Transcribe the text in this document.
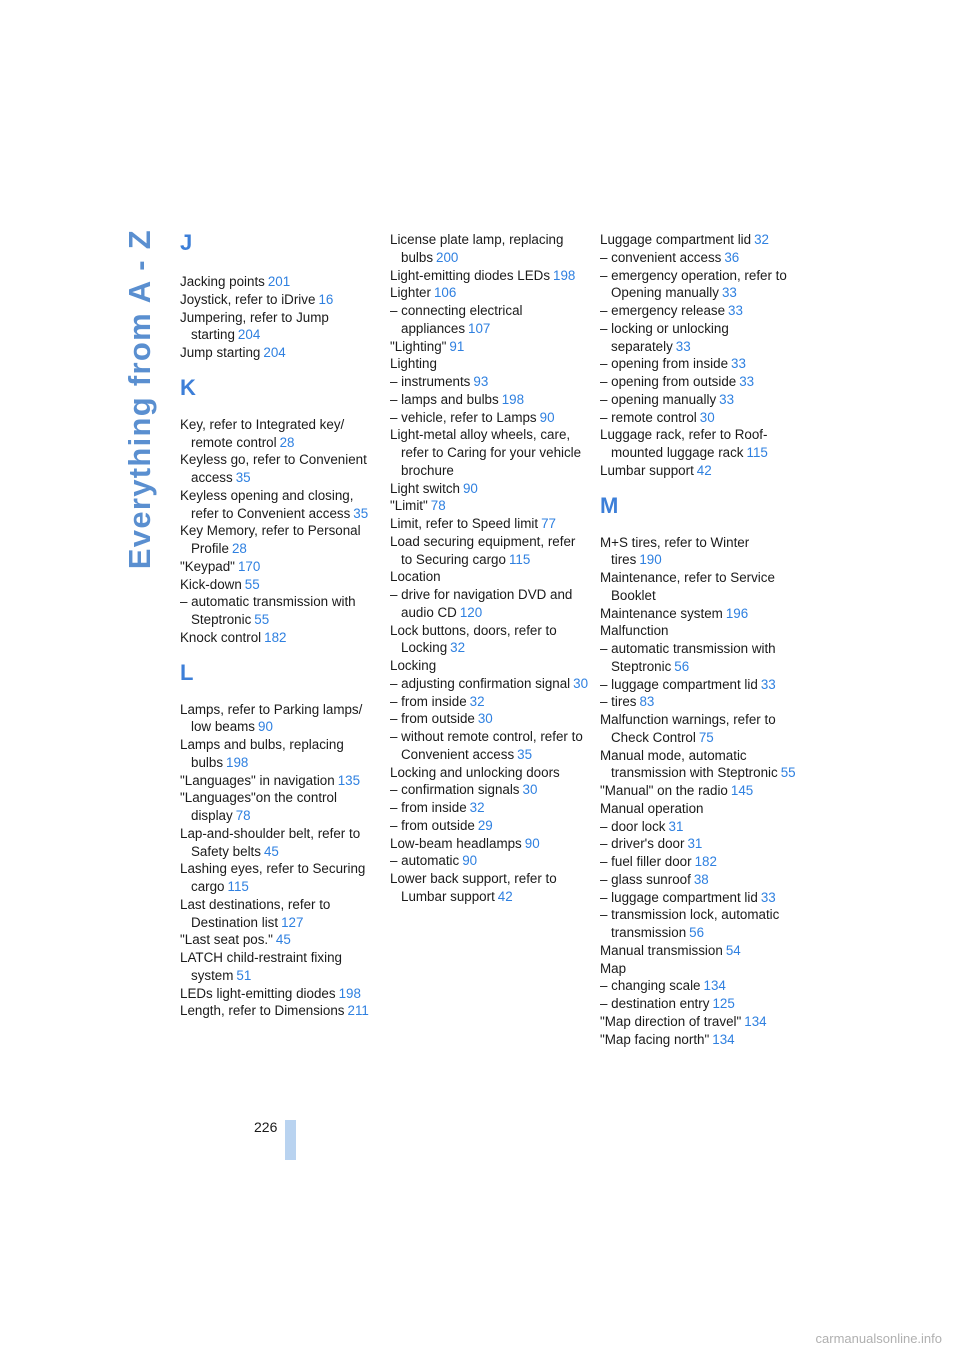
Everything from A - Z J
Jacking points 201
Joystick, refer to iDrive 16
Jumpering, refer to Jump starting 204
Jump starting 204
K
Key, refer to Integrated key/ remote control 28
Keyless go, refer to Convenient access 35
Keyless opening and closing, refer to Convenient access 35
Key Memory, refer to Personal Profile 28
"Keypad" 170
Kick-down 55
– automatic transmission with Steptronic 55
Knock control 182
L
Lamps, refer to Parking lamps/ low beams 90
Lamps and bulbs, replacing bulbs 198
"Languages" in navigation 135
"Languages"on the control display 78
Lap-and-shoulder belt, refer to Safety belts 45
Lashing eyes, refer to Securing cargo 115
Last destinations, refer to Destination list 127
"Last seat pos." 45
LATCH child-restraint fixing system 51
LEDs light-emitting diodes 198
Length, refer to Dimensions 211
License plate lamp, replacing bulbs 200
Light-emitting diodes LEDs 198
Lighter 106
– connecting electrical appliances 107
"Lighting" 91
Lighting
– instruments 93
– lamps and bulbs 198
– vehicle, refer to Lamps 90
Light-metal alloy wheels, care, refer to Caring for your vehicle brochure
Light switch 90
"Limit" 78
Limit, refer to Speed limit 77
Load securing equipment, refer to Securing cargo 115
Location
– drive for navigation DVD and audio CD 120
Lock buttons, doors, refer to Locking 32
Locking
– adjusting confirmation signal 30
– from inside 32
– from outside 30
– without remote control, refer to Convenient access 35
Locking and unlocking doors
– confirmation signals 30
– from inside 32
– from outside 29
Low-beam headlamps 90
– automatic 90
Lower back support, refer to Lumbar support 42
Luggage compartment lid 32
– convenient access 36
– emergency operation, refer to Opening manually 33
– emergency release 33
– locking or unlocking separately 33
– opening from inside 33
– opening from outside 33
– opening manually 33
– remote control 30
Luggage rack, refer to Roof-mounted luggage rack 115
Lumbar support 42
M
M+S tires, refer to Winter tires 190
Maintenance, refer to Service Booklet
Maintenance system 196
Malfunction
– automatic transmission with Steptronic 56
– luggage compartment lid 33
– tires 83
Malfunction warnings, refer to Check Control 75
Manual mode, automatic transmission with Steptronic 55
"Manual" on the radio 145
Manual operation
– door lock 31
– driver's door 31
– fuel filler door 182
– glass sunroof 38
– luggage compartment lid 33
– transmission lock, automatic transmission 56
Manual transmission 54
Map
– changing scale 134
– destination entry 125
"Map direction of travel" 134
"Map facing north" 134
226
carmanualsonline.info
